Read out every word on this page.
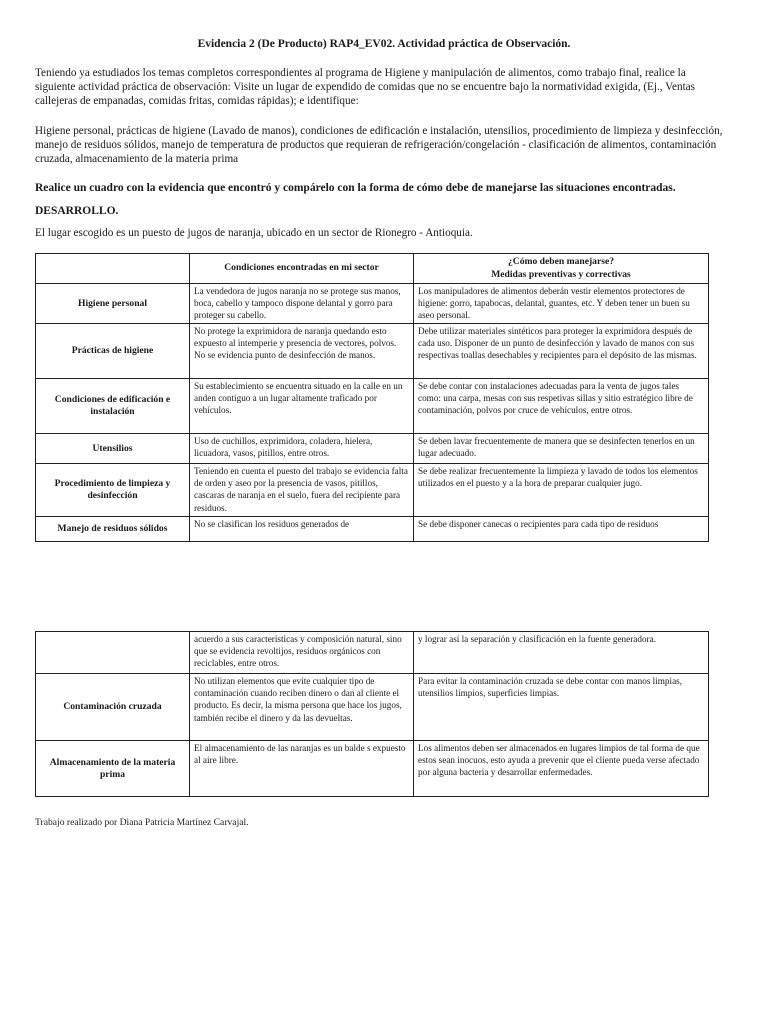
Evidencia 2 (De Producto) RAP4_EV02. Actividad práctica de Observación.

Teniendo ya estudiados los temas completos correspondientes al programa de Higiene y manipulación de alimentos, como trabajo final, realice la siguiente actividad práctica de observación: Visite un lugar de expendido de comidas que no se encuentre bajo la normatividad exigida, (Ej., Ventas callejeras de empanadas, comidas fritas, comidas rápidas); e identifique:

Higiene personal, prácticas de higiene (Lavado de manos), condiciones de edificación e instalación, utensilios, procedimiento de limpieza y desinfección, manejo de residuos sólidos, manejo de temperatura de productos que requieran de refrigeración/congelación - clasificación de alimentos, contaminación cruzada, almacenamiento de la materia prima

Realice un cuadro con la evidencia que encontró y compárelo con la forma de cómo debe de manejarse las situaciones encontradas.

DESARROLLO.

El lugar escogido es un puesto de jugos de naranja, ubicado en un sector de Rionegro - Antioquia.

	Condiciones encontradas en mi sector	¿Cómo deben manejarse?
Medidas preventivas y correctivas

Higiene personal	La vendedora de jugos naranja no se protege sus manos, boca, cabello y tampoco dispone delantal y gorro para proteger su cabello.	Los manipuladores de alimentos deberán vestir elementos protectores de higiene: gorro, tapabocas, delantal, guantes, etc. Y deben tener un buen su aseo personal.
Prácticas de higiene	No protege la exprimidora de naranja quedando esto expuesto al intemperie y presencia de vectores, polvos. No se evidencia punto de desinfección de manos.	Debe utilizar materiales sintéticos para proteger la exprimidora después de cada uso. Disponer de un punto de desinfección y lavado de manos con sus respectivas toallas desechables y recipientes para el depósito de las mismas.
Condiciones de edificación e instalación	Su establecimiento se encuentra situado en la calle en un anden contiguo a un lugar altamente traficado por vehículos.	Se debe contar con instalaciones adecuadas para la venta de jugos tales como: una carpa, mesas con sus respetivas sillas y sitio estratégico libre de contaminación, polvos por cruce de vehículos, entre otros.
Utensilios	Uso de cuchillos, exprimidora, coladera, hielera, licuadora, vasos, pitillos, entre otros.	Se deben lavar frecuentemente de manera que se desinfecten tenerlos en un lugar adecuado.
Procedimiento de limpieza y desinfección	Teniendo en cuenta el puesto del trabajo se evidencia falta de orden y aseo por la presencia de vasos, pitillos, cascaras de naranja en el suelo, fuera del recipiente para residuos.	Se debe realizar frecuentemente la limpieza y lavado de todos los elementos utilizados en el puesto y a la hora de preparar cualquier jugo.
Manejo de residuos sólidos	No se clasifican los residuos generados de	Se debe disponer canecas o recipientes para cada tipo de residuos
	acuerdo a sus características y composición natural, sino que se evidencia revoltijos, residuos orgánicos con reciclables, entre otros.	y lograr así la separación y clasificación en la fuente generadora.
Contaminación cruzada	No utilizan elementos que evite cualquier tipo de contaminación cuando reciben dinero o dan al cliente el producto. Es decir, la misma persona que hace los jugos, también recibe el dinero y da las devueltas.	Para evitar la contaminación cruzada se debe contar con manos limpias, utensilios limpios, superficies limpias.
Almacenamiento de la materia prima	El almacenamiento de las naranjas es un balde s expuesto al aire libre.	Los alimentos deben ser almacenados en lugares limpios de tal forma de que estos sean inocuos, esto ayuda a prevenir que el cliente pueda verse afectado por alguna bacteria y desarrollar enfermedades.
Trabajo realizado por Diana Patricia Martínez Carvajal.
